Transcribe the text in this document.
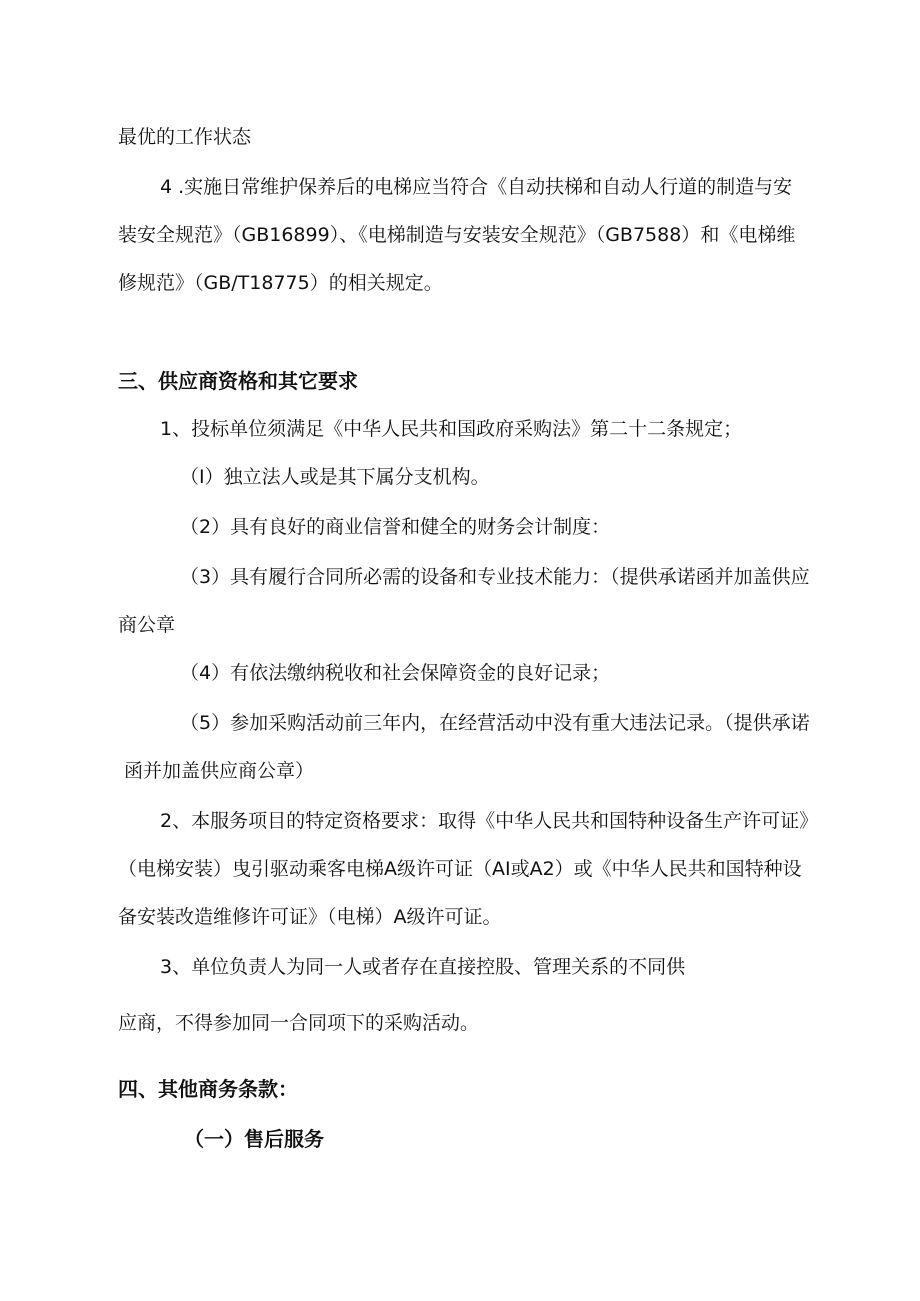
最优的工作状态
4 .实施日常维护保养后的电梯应当符合《自动扶梯和自动人行道的制造与安
装安全规范》（GB16899）、《电梯制造与安装安全规范》（GB7588）和《电梯维
修规范》（GB/T18775）的相关规定。
三、供应商资格和其它要求
1、投标单位须满足《中华人民共和国政府采购法》第二十二条规定；
（I）独立法人或是其下属分支机构。
（2）具有良好的商业信誉和健全的财务会计制度：
（3）具有履行合同所必需的设备和专业技术能力：（提供承诺函并加盖供应
商公章
（4）有依法缴纳税收和社会保障资金的良好记录；
（5）参加采购活动前三年内，在经营活动中没有重大违法记录。（提供承诺
函并加盖供应商公章）
2、本服务项目的特定资格要求：取得《中华人民共和国特种设备生产许可证》
（电梯安装）曳引驱动乘客电梯A级许可证（AI或A2）或《中华人民共和国特种设
备安装改造维修许可证》（电梯）A级许可证。
3、单位负责人为同一人或者存在直接控股、管理关系的不同供
应商，不得参加同一合同项下的采购活动。
四、其他商务条款：
（一）售后服务
